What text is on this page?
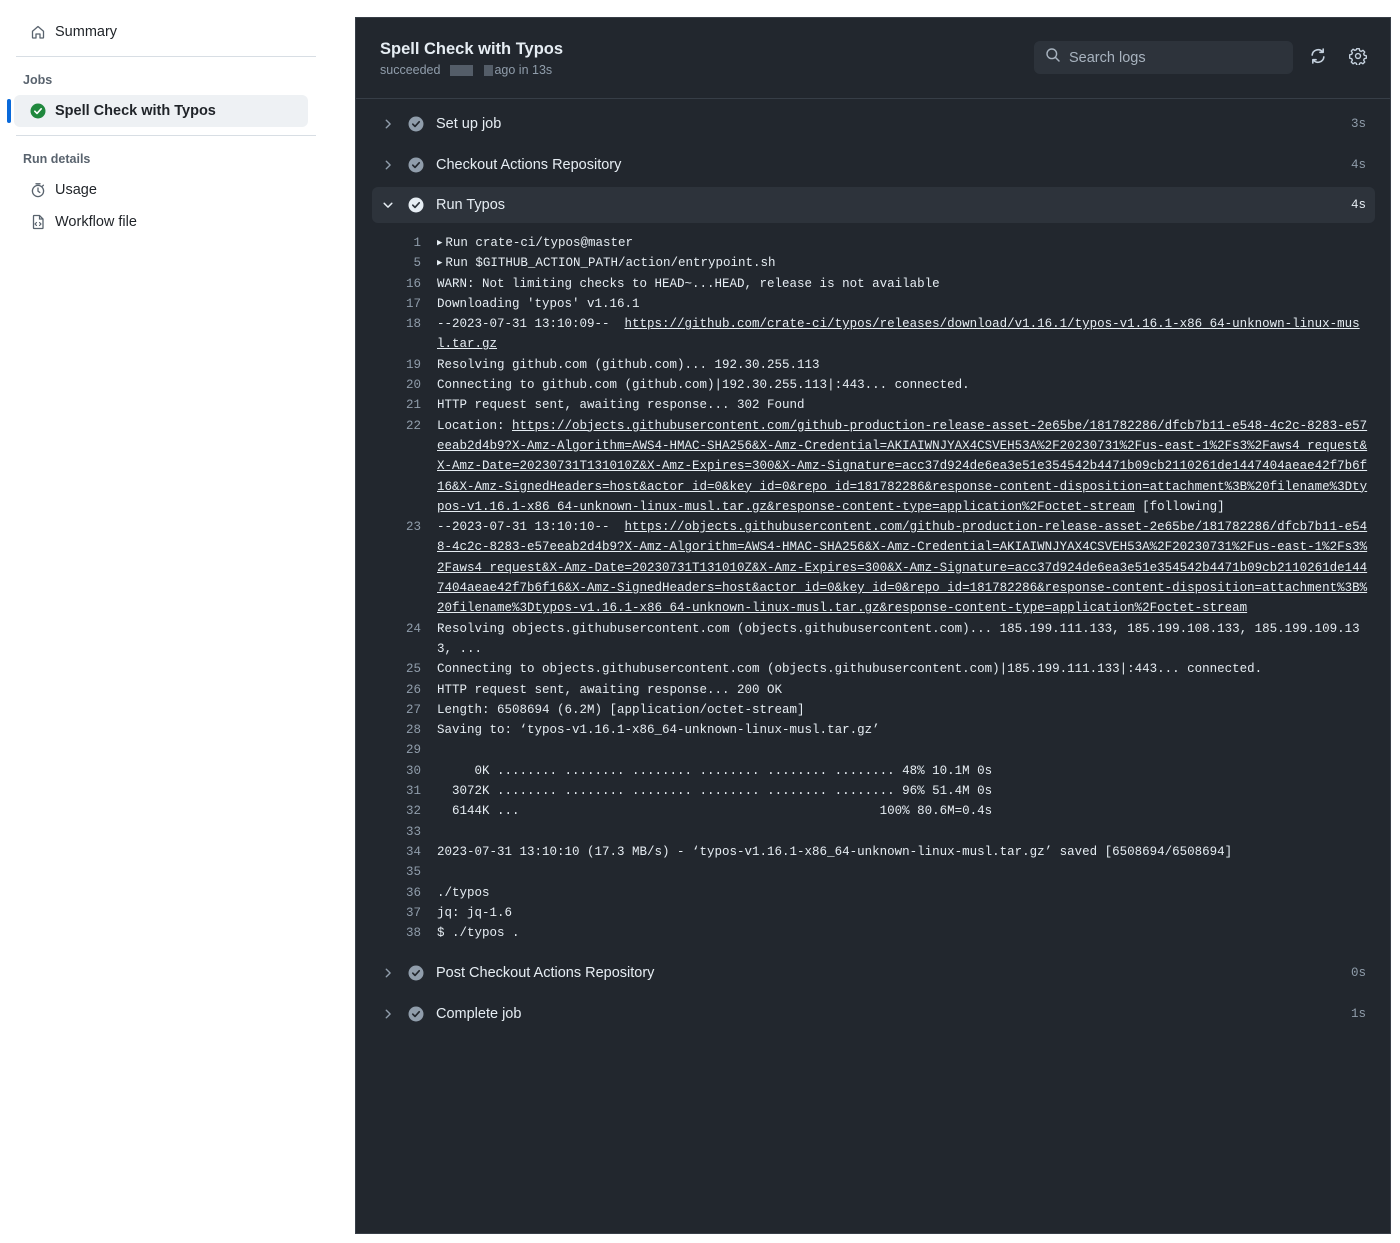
Summary
Jobs
Spell Check with Typos
Run details
Usage
Workflow file
Spell Check with Typos
succeeded	ago in 13s
Search logs
Set up job	3s
Checkout Actions Repository	4s
Run Typos	4s
1 ▶ Run crate-ci/typos@master
5 ▶ Run $GITHUB_ACTION_PATH/action/entrypoint.sh
16 WARN: Not limiting checks to HEAD~...HEAD, release is not available
17 Downloading 'typos' v1.16.1
18 --2023-07-31 13:10:09--  https://github.com/crate-ci/typos/releases/download/v1.16.1/typos-v1.16.1-x86_64-unknown-linux-musl.tar.gz
19 Resolving github.com (github.com)... 192.30.255.113
20 Connecting to github.com (github.com)|192.30.255.113|:443... connected.
21 HTTP request sent, awaiting response... 302 Found
22 Location: https://objects.githubusercontent.com/github-production-release-asset-2e65be/181782286/dfcb7b11-e548-4c2c-8283-e57eeab2d4b9?X-Amz-Algorithm=AWS4-HMAC-SHA256&X-Amz-Credential=AKIAIWNJYAX4CSVEH53A%2F20230731%2Fus-east-1%2Fs3%2Faws4_request&X-Amz-Date=20230731T131010Z&X-Amz-Expires=300&X-Amz-Signature=acc37d924de6ea3e51e354542b4471b09cb2110261de1447404aeae42f7b6f16&X-Amz-SignedHeaders=host&actor_id=0&key_id=0&repo_id=181782286&response-content-disposition=attachment%3B%20filename%3Dtypos-v1.16.1-x86_64-unknown-linux-musl.tar.gz&response-content-type=application%2Foctet-stream [following]
23 --2023-07-31 13:10:10--  https://objects.githubusercontent.com/github-production-release-asset-2e65be/181782286/dfcb7b11-e548-4c2c-8283-e57eeab2d4b9?X-Amz-Algorithm=AWS4-HMAC-SHA256&X-Amz-Credential=AKIAIWNJYAX4CSVEH53A%2F20230731%2Fus-east-1%2Fs3%2Faws4_request&X-Amz-Date=20230731T131010Z&X-Amz-Expires=300&X-Amz-Signature=acc37d924de6ea3e51e354542b4471b09cb2110261de1447404aeae42f7b6f16&X-Amz-SignedHeaders=host&actor_id=0&key_id=0&repo_id=181782286&response-content-disposition=attachment%3B%20filename%3Dtypos-v1.16.1-x86_64-unknown-linux-musl.tar.gz&response-content-type=application%2Foctet-stream
24 Resolving objects.githubusercontent.com (objects.githubusercontent.com)... 185.199.111.133, 185.199.108.133, 185.199.109.133, ...
25 Connecting to objects.githubusercontent.com (objects.githubusercontent.com)|185.199.111.133|:443... connected.
26 HTTP request sent, awaiting response... 200 OK
27 Length: 6508694 (6.2M) [application/octet-stream]
28 Saving to: ‘typos-v1.16.1-x86_64-unknown-linux-musl.tar.gz’
29
30 0K ........ ........ ........ ........ ........ ........ 48% 10.1M 0s
31 3072K ........ ........ ........ ........ ........ ........ 96% 51.4M 0s
32 6144K ...                                                100% 80.6M=0.4s
33
34 2023-07-31 13:10:10 (17.3 MB/s) - ‘typos-v1.16.1-x86_64-unknown-linux-musl.tar.gz’ saved [6508694/6508694]
35
36 ./typos
37 jq: jq-1.6
38 $ ./typos .
Post Checkout Actions Repository	0s
Complete job	1s
